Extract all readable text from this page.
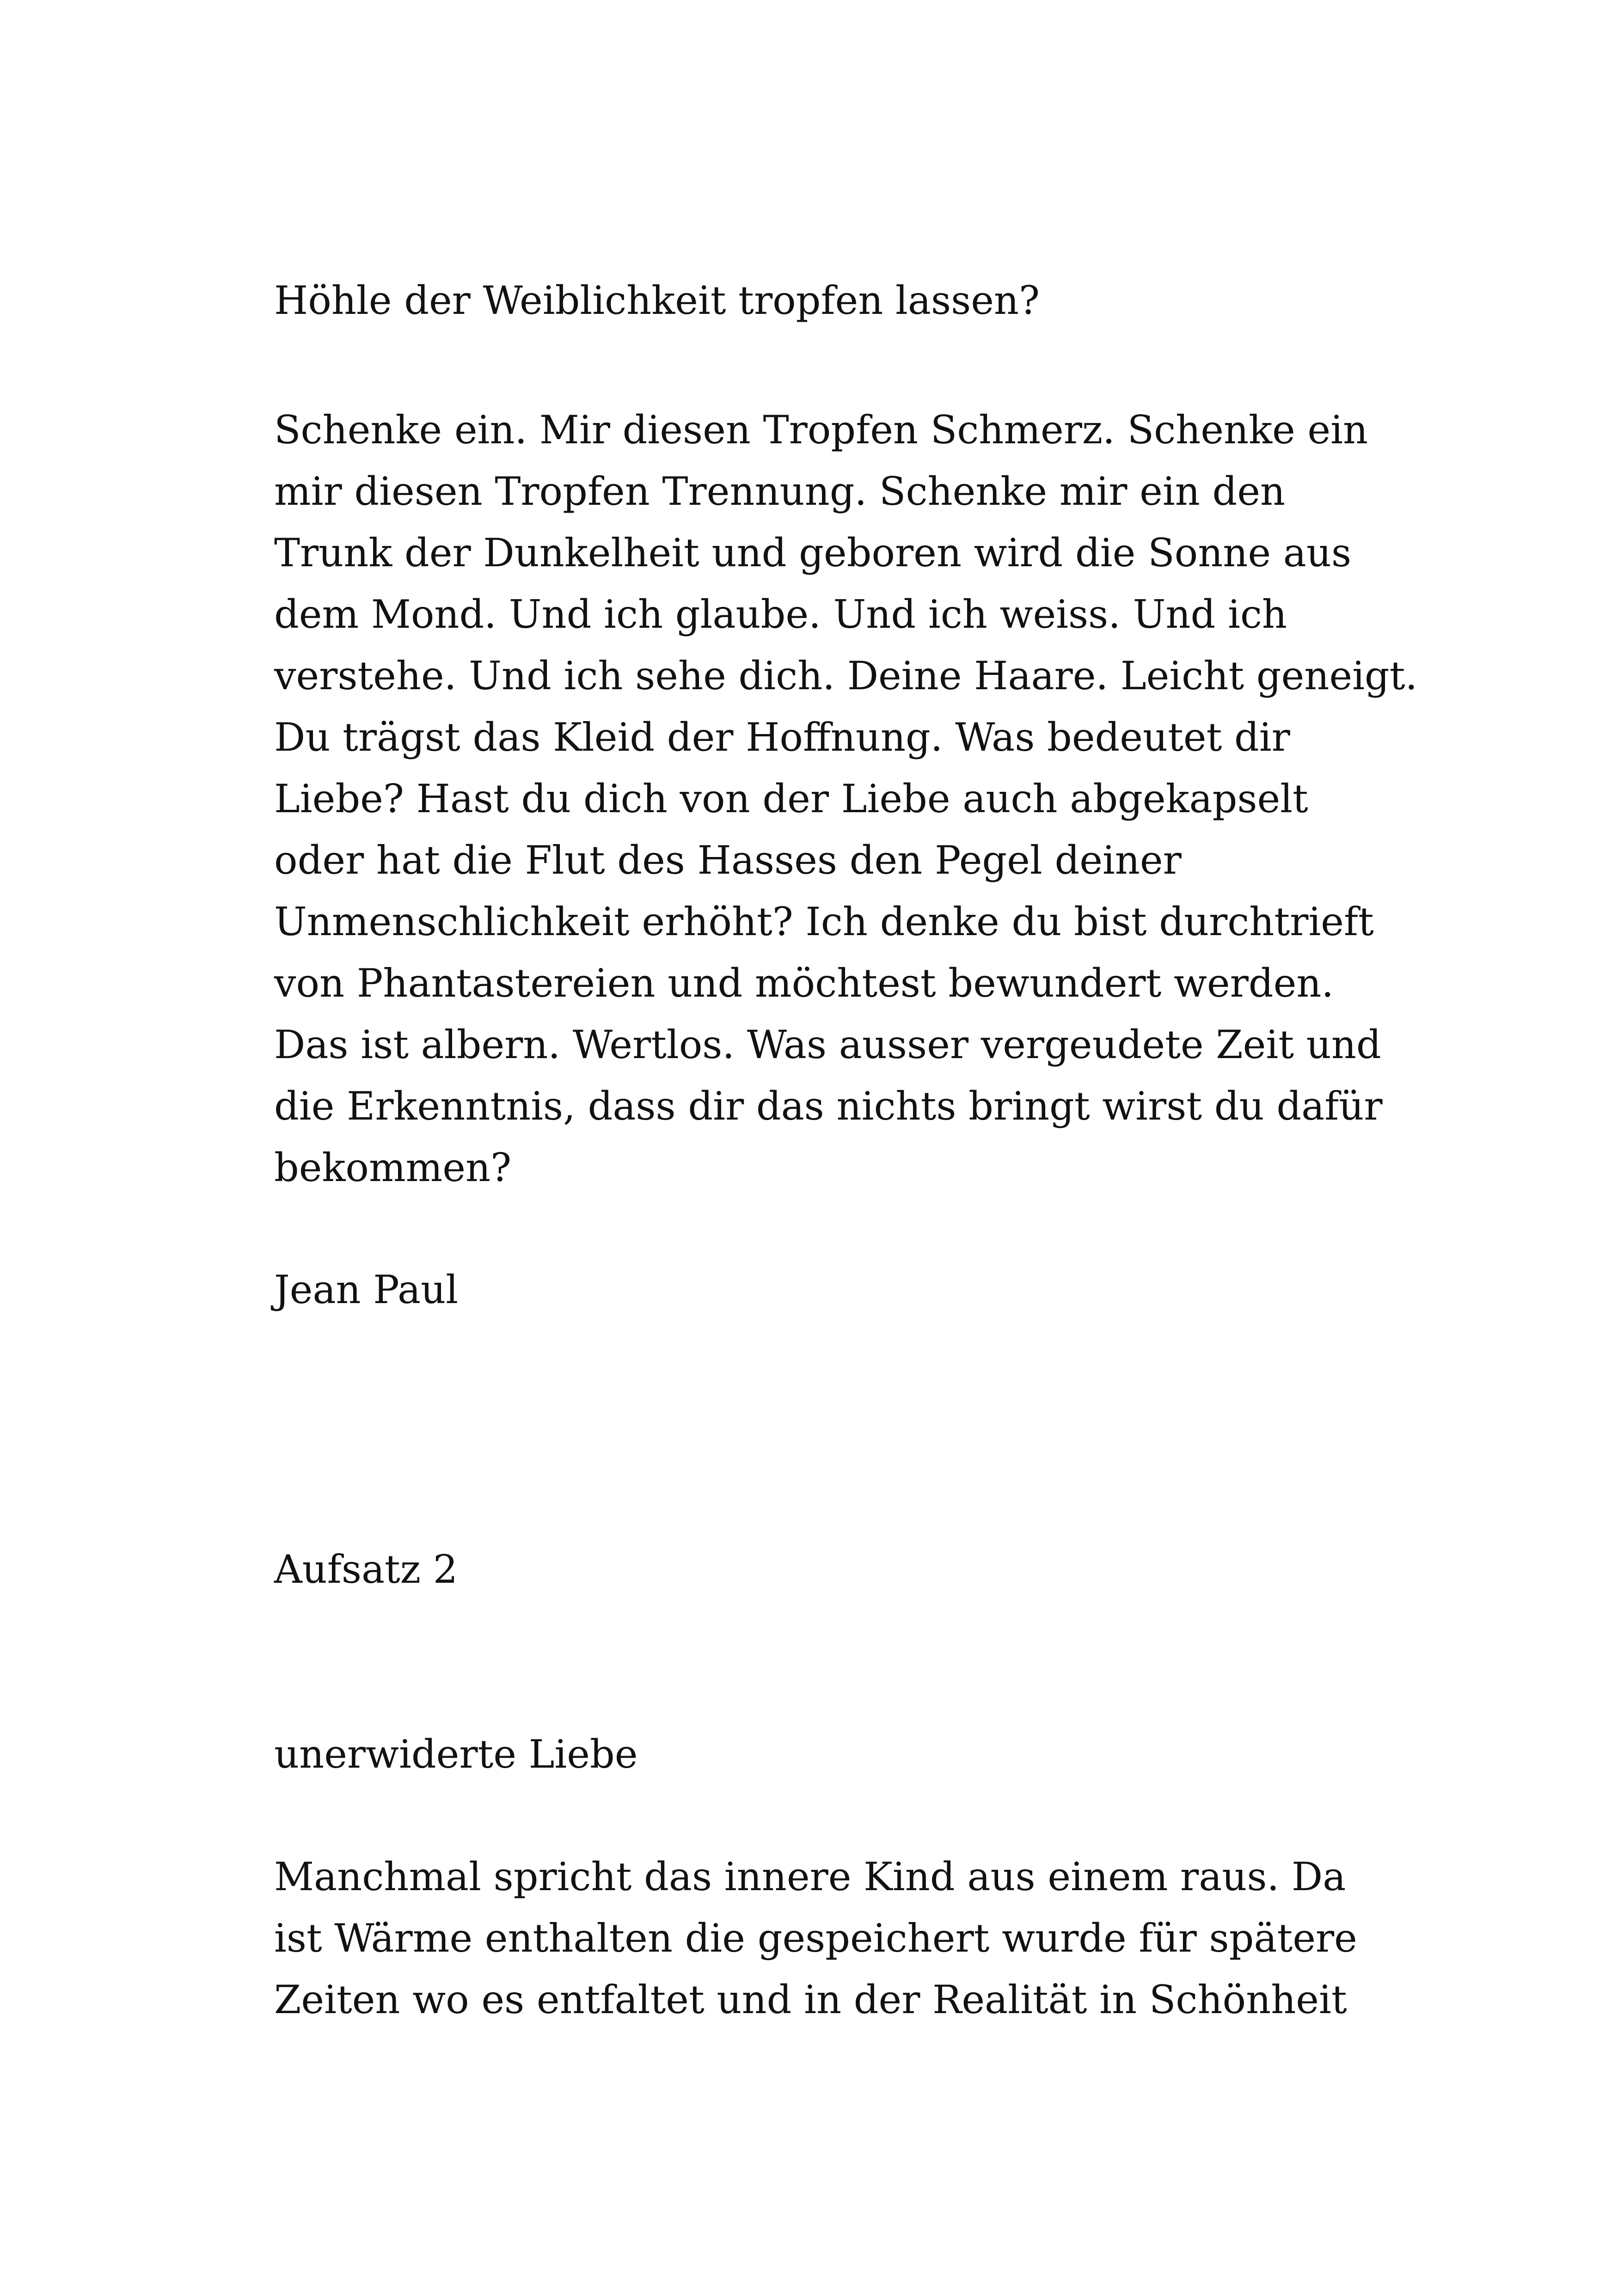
Höhle der Weiblichkeit tropfen lassen?

Schenke ein. Mir diesen Tropfen Schmerz. Schenke ein

mir diesen Tropfen Trennung. Schenke mir ein den

Trunk der Dunkelheit und geboren wird die Sonne aus

dem Mond. Und ich glaube. Und ich weiss. Und ich

verstehe. Und ich sehe dich. Deine Haare. Leicht geneigt.

Du trägst das Kleid der Hoffnung. Was bedeutet dir

Liebe? Hast du dich von der Liebe auch abgekapselt

oder hat die Flut des Hasses den Pegel deiner

Unmenschlichkeit erhöht? Ich denke du bist durchtrieft

von Phantastereien und möchtest bewundert werden.

Das ist albern. Wertlos. Was ausser vergeudete Zeit und

die Erkenntnis, dass dir das nichts bringt wirst du dafür

bekommen?

Jean Paul

Aufsatz 2

unerwiderte Liebe

Manchmal spricht das innere Kind aus einem raus. Da

ist Wärme enthalten die gespeichert wurde für spätere

Zeiten wo es entfaltet und in der Realität in Schönheit
